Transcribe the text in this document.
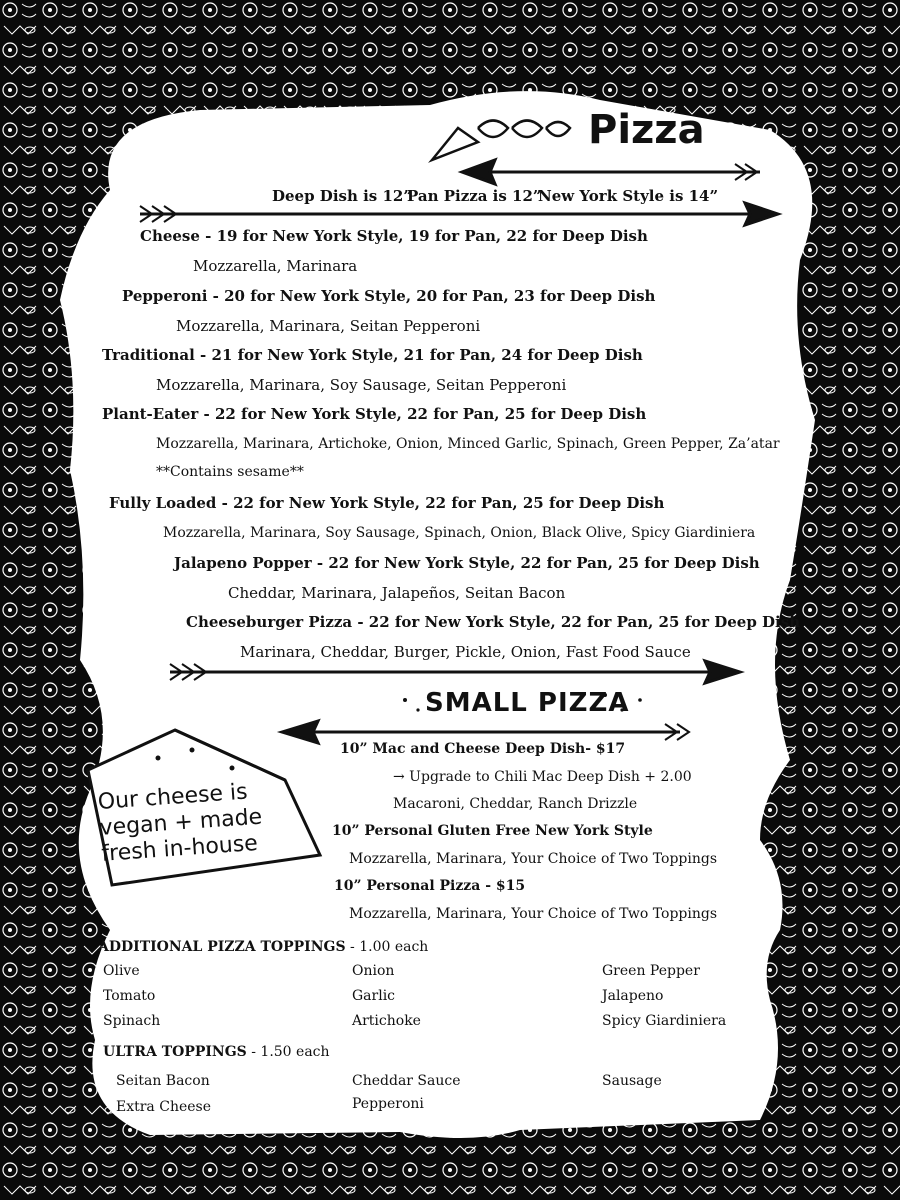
Pizza
Deep Dish is 12”
Pan Pizza is 12”
New York Style is 14”
Cheese - 19 for New York Style, 19 for Pan, 22 for Deep Dish
Mozzarella, Marinara
Pepperoni - 20 for New York Style, 20 for Pan, 23 for Deep Dish
Mozzarella, Marinara, Seitan Pepperoni
Traditional - 21 for New York Style, 21 for Pan, 24 for Deep Dish
Mozzarella, Marinara, Soy Sausage, Seitan Pepperoni
Plant-Eater - 22 for New York Style, 22 for Pan, 25 for Deep Dish
Mozzarella, Marinara, Artichoke, Onion, Minced Garlic, Spinach, Green Pepper, Za’atar
**Contains sesame**
Fully Loaded - 22 for New York Style, 22 for Pan, 25 for Deep Dish
Mozzarella, Marinara, Soy Sausage, Spinach, Onion, Black Olive, Spicy Giardiniera
Jalapeno Popper - 22 for New York Style, 22 for Pan, 25 for Deep Dish
Cheddar, Marinara, Jalapeños, Seitan Bacon
Cheeseburger Pizza - 22 for New York Style, 22 for Pan, 25 for Deep Dish
Marinara, Cheddar, Burger, Pickle, Onion, Fast Food Sauce
SMALL PIZZA
10” Mac and Cheese Deep Dish- $17
→ Upgrade to Chili Mac Deep Dish + 2.00
Macaroni, Cheddar, Ranch Drizzle
10” Personal Gluten Free New York Style
Mozzarella, Marinara, Your Choice of Two Toppings
10” Personal Pizza - $15
Mozzarella, Marinara, Your Choice of Two Toppings
Our cheese is
vegan + made
fresh in-house
ADDITIONAL PIZZA TOPPINGS - 1.00 each
Olive	Onion	Green Pepper
Tomato	Garlic	Jalapeno
Spinach	Artichoke	Spicy Giardiniera
ULTRA TOPPINGS - 1.50 each
Seitan Bacon	Cheddar Sauce	Sausage
Extra Cheese	Pepperoni
